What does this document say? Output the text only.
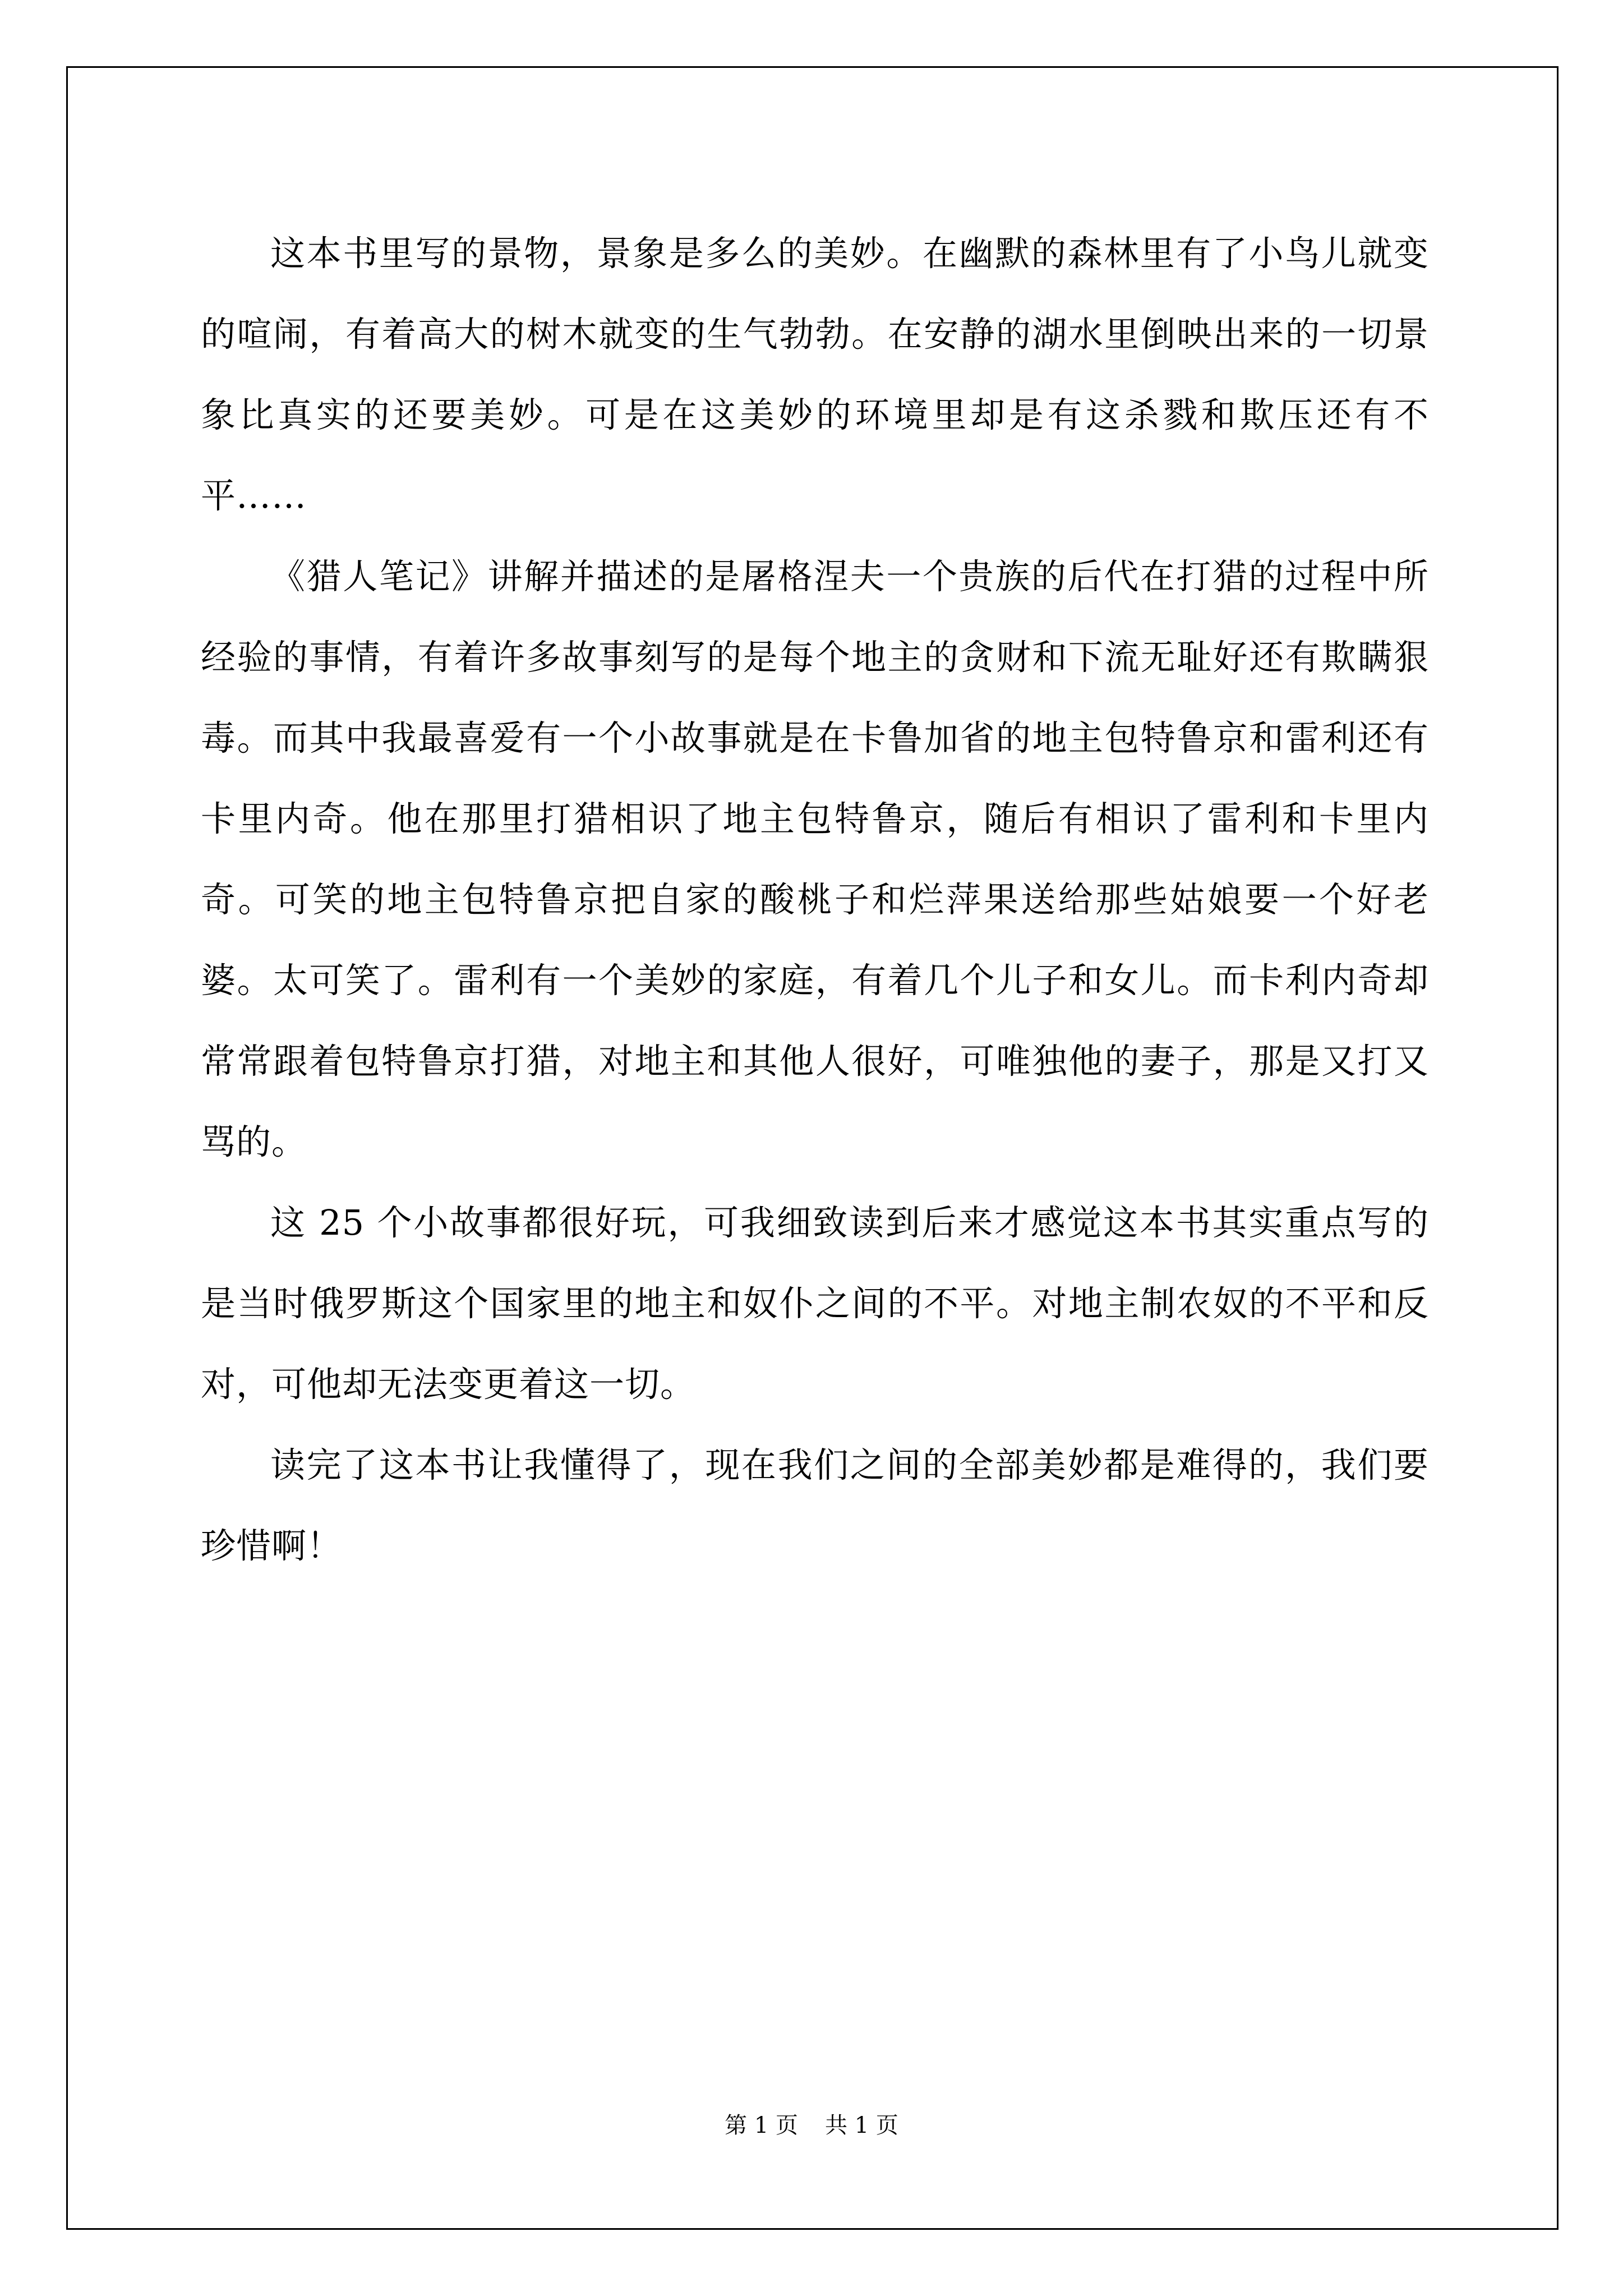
这本书里写的景物，景象是多么的美妙。在幽默的森林里有了小鸟儿就变的喧闹，有着高大的树木就变的生气勃勃。在安静的湖水里倒映出来的一切景象比真实的还要美妙。可是在这美妙的环境里却是有这杀戮和欺压还有不平……

《猎人笔记》讲解并描述的是屠格涅夫一个贵族的后代在打猎的过程中所经验的事情，有着许多故事刻写的是每个地主的贪财和下流无耻好还有欺瞒狠毒。而其中我最喜爱有一个小故事就是在卡鲁加省的地主包特鲁京和雷利还有卡里内奇。他在那里打猎相识了地主包特鲁京，随后有相识了雷利和卡里内奇。可笑的地主包特鲁京把自家的酸桃子和烂萍果送给那些姑娘要一个好老婆。太可笑了。雷利有一个美妙的家庭，有着几个儿子和女儿。而卡利内奇却常常跟着包特鲁京打猎，对地主和其他人很好，可唯独他的妻子，那是又打又骂的。

这 25 个小故事都很好玩，可我细致读到后来才感觉这本书其实重点写的是当时俄罗斯这个国家里的地主和奴仆之间的不平。对地主制农奴的不平和反对，可他却无法变更着这一切。

读完了这本书让我懂得了，现在我们之间的全部美妙都是难得的，我们要珍惜啊！

第 1 页 共 1 页
